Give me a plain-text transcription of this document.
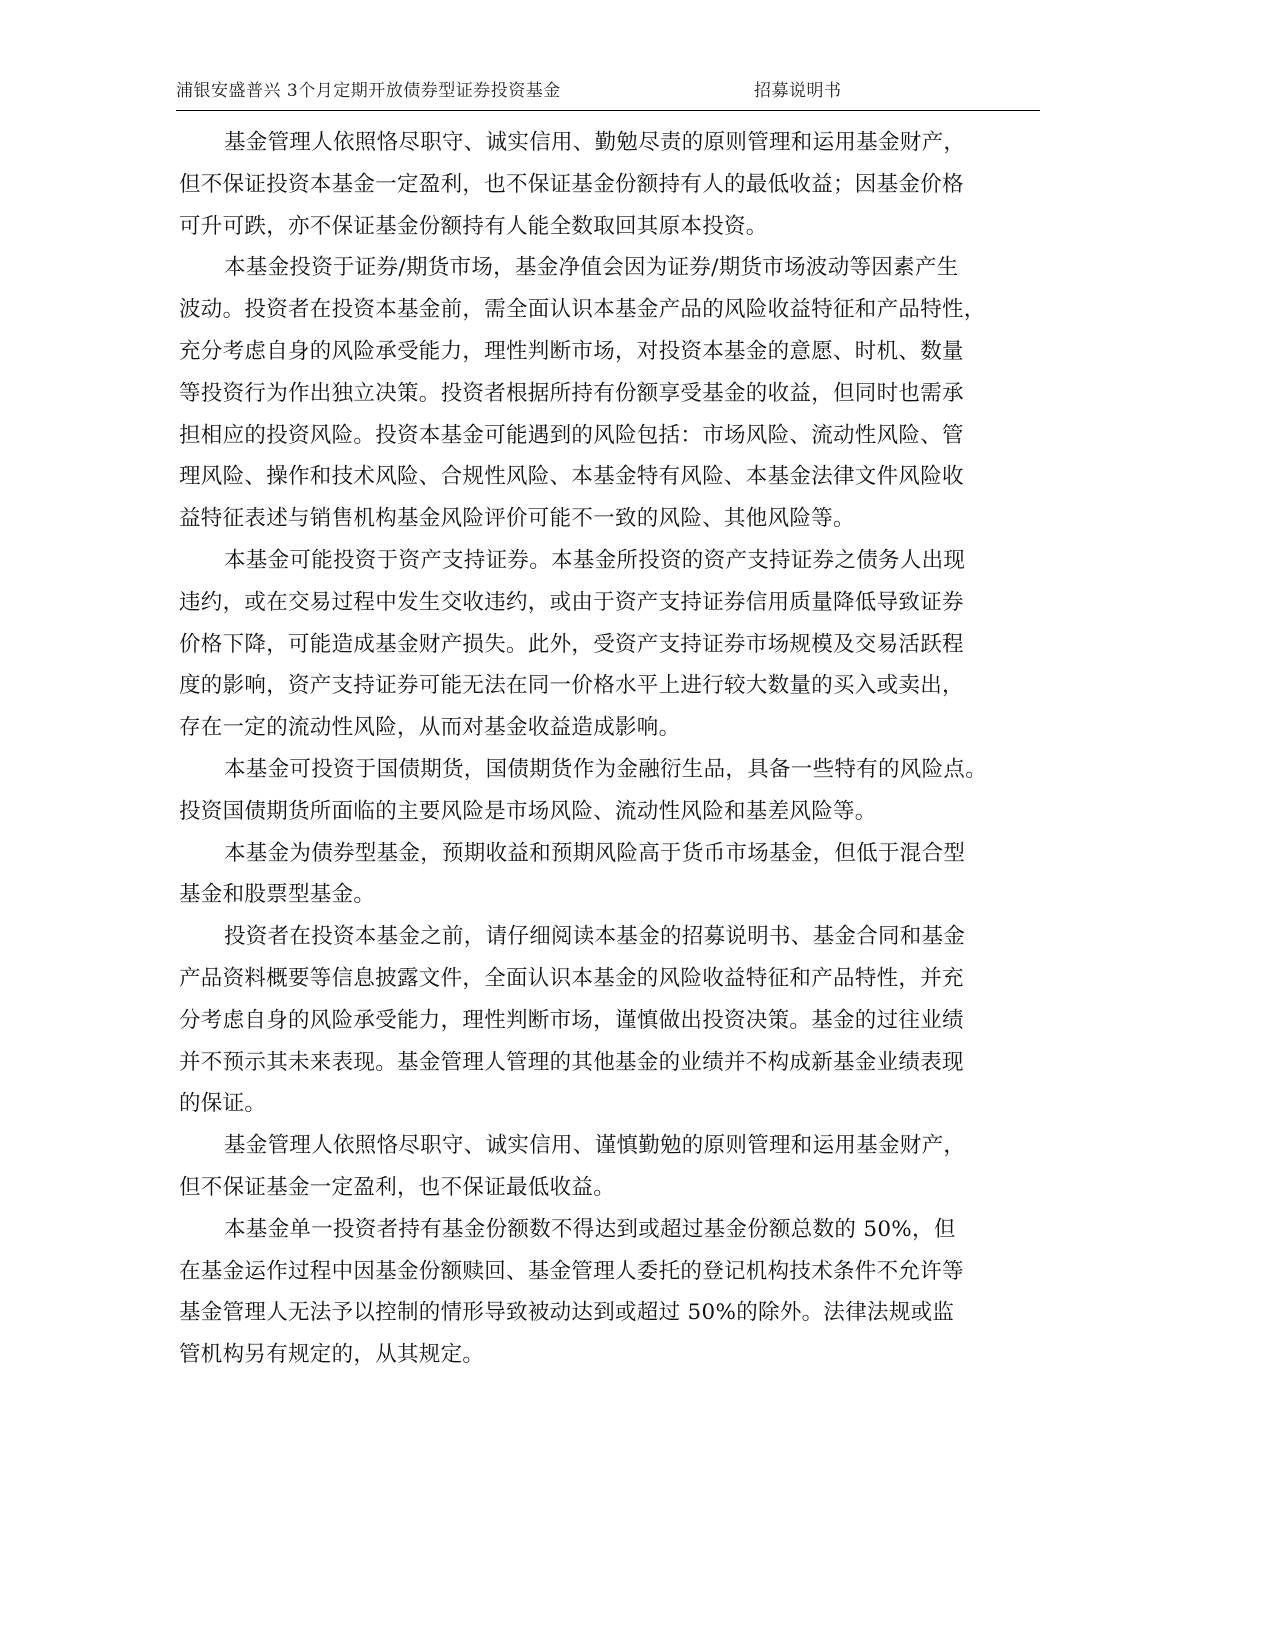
浦银安盛普兴 3个月定期开放债券型证券投资基金	招募说明书
基金管理人依照恪尽职守、诚实信用、勤勉尽责的原则管理和运用基金财产，
但不保证投资本基金一定盈利，也不保证基金份额持有人的最低收益；因基金价格
可升可跌，亦不保证基金份额持有人能全数取回其原本投资。
本基金投资于证券/期货市场，基金净值会因为证券/期货市场波动等因素产生
波动。投资者在投资本基金前，需全面认识本基金产品的风险收益特征和产品特性，
充分考虑自身的风险承受能力，理性判断市场，对投资本基金的意愿、时机、数量
等投资行为作出独立决策。投资者根据所持有份额享受基金的收益，但同时也需承
担相应的投资风险。投资本基金可能遇到的风险包括：市场风险、流动性风险、管
理风险、操作和技术风险、合规性风险、本基金特有风险、本基金法律文件风险收
益特征表述与销售机构基金风险评价可能不一致的风险、其他风险等。
本基金可能投资于资产支持证券。本基金所投资的资产支持证券之债务人出现
违约，或在交易过程中发生交收违约，或由于资产支持证券信用质量降低导致证券
价格下降，可能造成基金财产损失。此外，受资产支持证券市场规模及交易活跃程
度的影响，资产支持证券可能无法在同一价格水平上进行较大数量的买入或卖出，
存在一定的流动性风险，从而对基金收益造成影响。
本基金可投资于国债期货，国债期货作为金融衍生品，具备一些特有的风险点。
投资国债期货所面临的主要风险是市场风险、流动性风险和基差风险等。
本基金为债券型基金，预期收益和预期风险高于货币市场基金，但低于混合型
基金和股票型基金。
投资者在投资本基金之前，请仔细阅读本基金的招募说明书、基金合同和基金
产品资料概要等信息披露文件，全面认识本基金的风险收益特征和产品特性，并充
分考虑自身的风险承受能力，理性判断市场，谨慎做出投资决策。基金的过往业绩
并不预示其未来表现。基金管理人管理的其他基金的业绩并不构成新基金业绩表现
的保证。
基金管理人依照恪尽职守、诚实信用、谨慎勤勉的原则管理和运用基金财产，
但不保证基金一定盈利，也不保证最低收益。
本基金单一投资者持有基金份额数不得达到或超过基金份额总数的 50%，但
在基金运作过程中因基金份额赎回、基金管理人委托的登记机构技术条件不允许等
基金管理人无法予以控制的情形导致被动达到或超过 50%的除外。法律法规或监
管机构另有规定的，从其规定。
